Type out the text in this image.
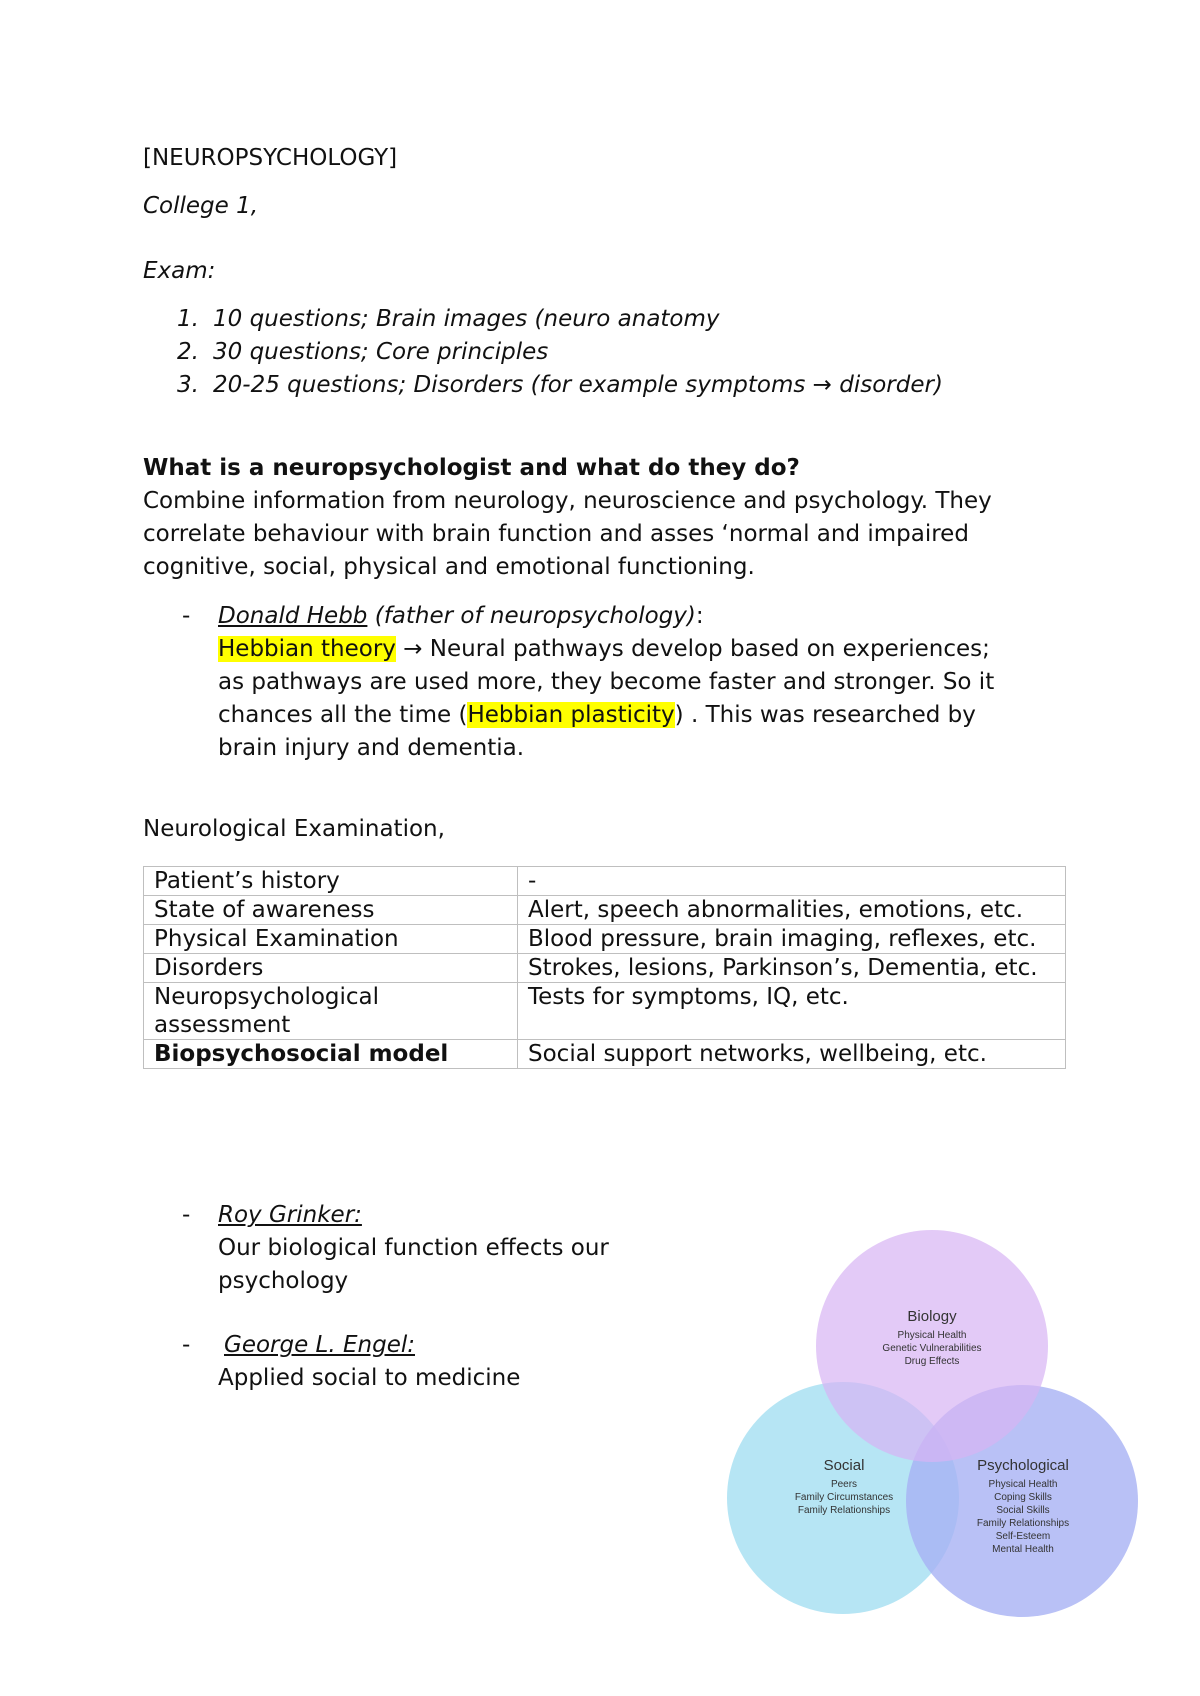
[NEUROPSYCHOLOGY]

College 1,

Exam:

1. 10 questions; Brain images (neuro anatomy
2. 30 questions; Core principles
3. 20-25 questions; Disorders (for example symptoms → disorder)

What is a neuropsychologist and what do they do?

Combine information from neurology, neuroscience and psychology. They

correlate behaviour with brain function and asses ‘normal and impaired

cognitive, social, physical and emotional functioning.

- Donald Hebb (father of neuropsychology):

Hebbian theory → Neural pathways develop based on experiences;

as pathways are used more, they become faster and stronger. So it

chances all the time (Hebbian plasticity) . This was researched by

brain injury and dementia.

Neurological Examination,

Patient’s history	-
State of awareness	Alert, speech abnormalities, emotions, etc.
Physical Examination	Blood pressure, brain imaging, reflexes, etc.
Disorders	Strokes, lesions, Parkinson’s, Dementia, etc.
Neuropsychological assessment	Tests for symptoms, IQ, etc.
Biopsychosocial model	Social support networks, wellbeing, etc.
- Roy Grinker:

Our biological function effects our

psychology

- George L. Engel:

Applied social to medicine

Biology
Physical Health
Genetic Vulnerabilities
Drug Effects
Social
Peers
Family Circumstances
Family Relationships
Psychological
Physical Health
Coping Skills
Social Skills
Family Relationships
Self-Esteem
Mental Health
